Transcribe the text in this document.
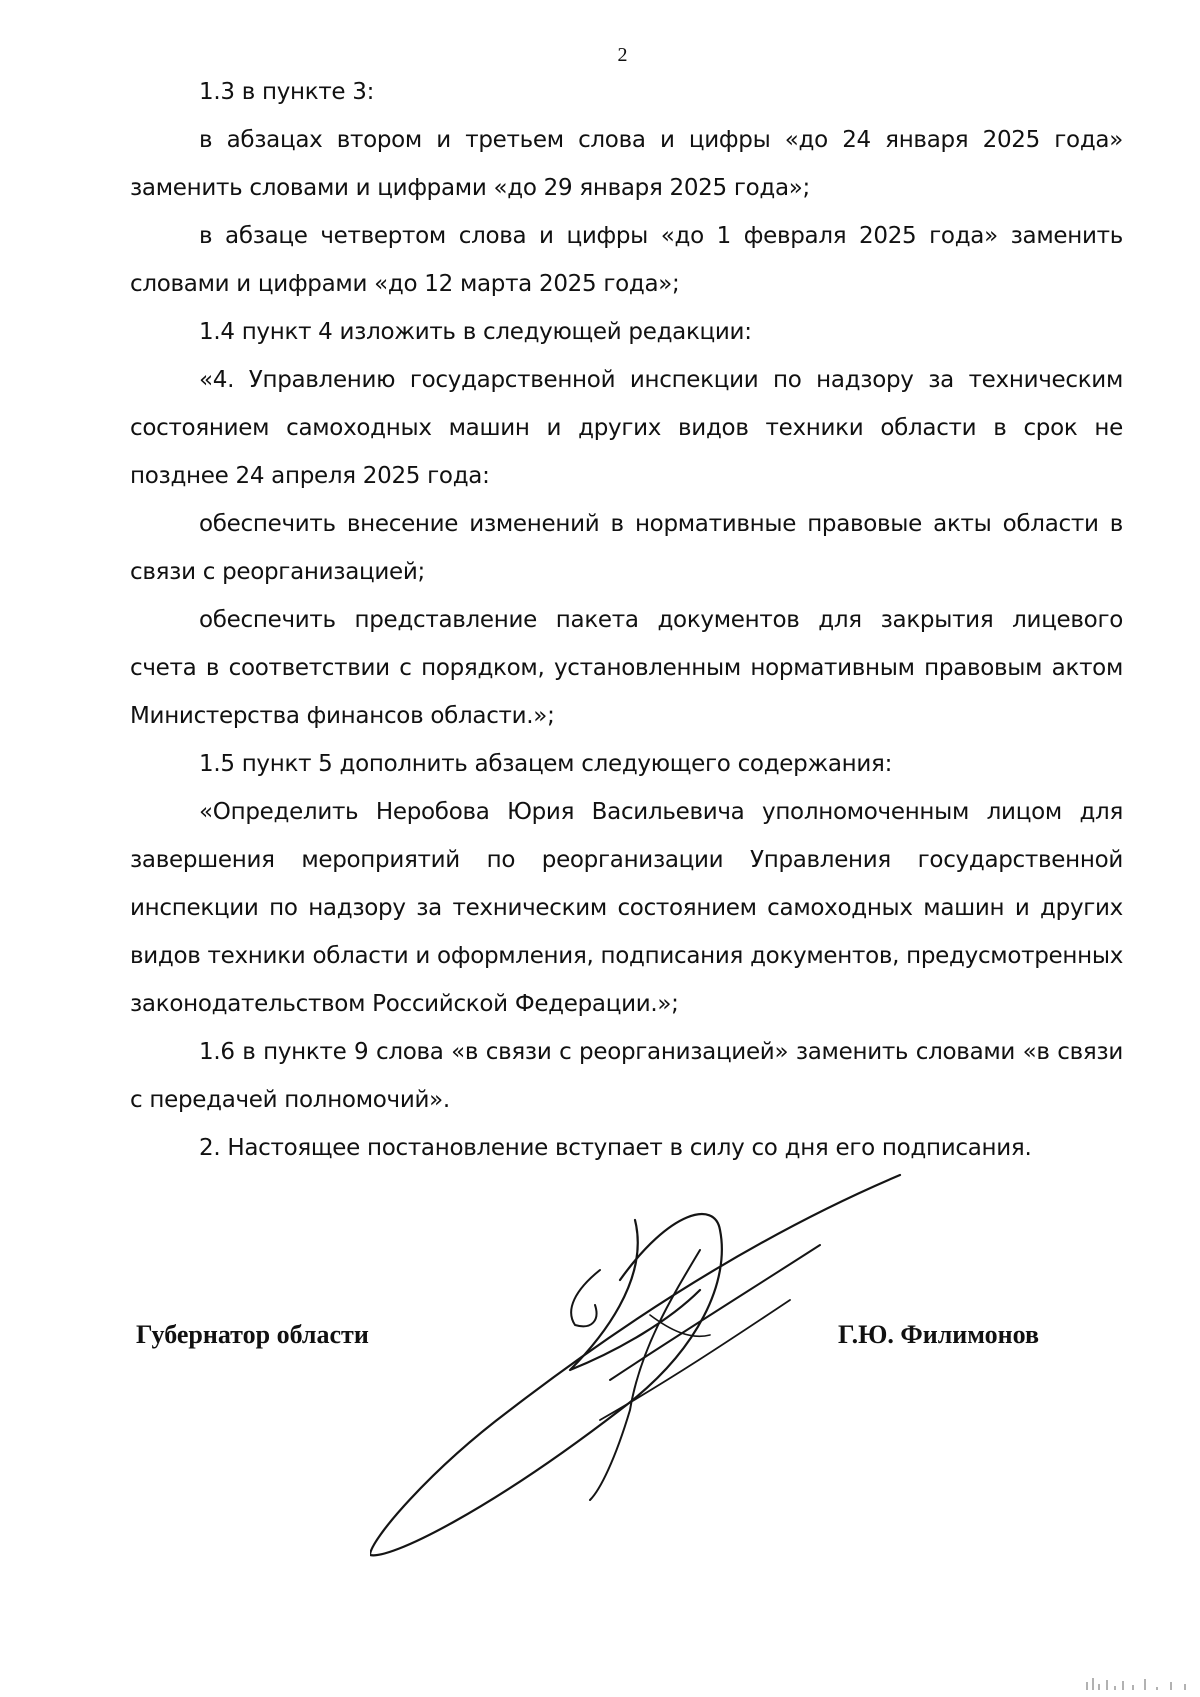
2

1.3 в пункте 3:

в абзацах втором и третьем слова и цифры «до 24 января 2025 года» заменить словами и цифрами «до 29 января 2025 года»;

в абзаце четвертом слова и цифры «до 1 февраля 2025 года» заменить словами и цифрами «до 12 марта 2025 года»;

1.4 пункт 4 изложить в следующей редакции:

«4. Управлению государственной инспекции по надзору за техническим состоянием самоходных машин и других видов техники области в срок не позднее 24 апреля 2025 года:

обеспечить внесение изменений в нормативные правовые акты области в связи с реорганизацией;

обеспечить представление пакета документов для закрытия лицевого счета в соответствии с порядком, установленным нормативным правовым актом Министерства финансов области.»;

1.5 пункт 5 дополнить абзацем следующего содержания:

«Определить Неробова Юрия Васильевича уполномоченным лицом для завершения мероприятий по реорганизации Управления государственной инспекции по надзору за техническим состоянием самоходных машин и других видов техники области и оформления, подписания документов, предусмотренных законодательством Российской Федерации.»;

1.6 в пункте 9 слова «в связи с реорганизацией» заменить словами «в связи с передачей полномочий».

2. Настоящее постановление вступает в силу со дня его подписания.

Губернатор области	Г.Ю. Филимонов
